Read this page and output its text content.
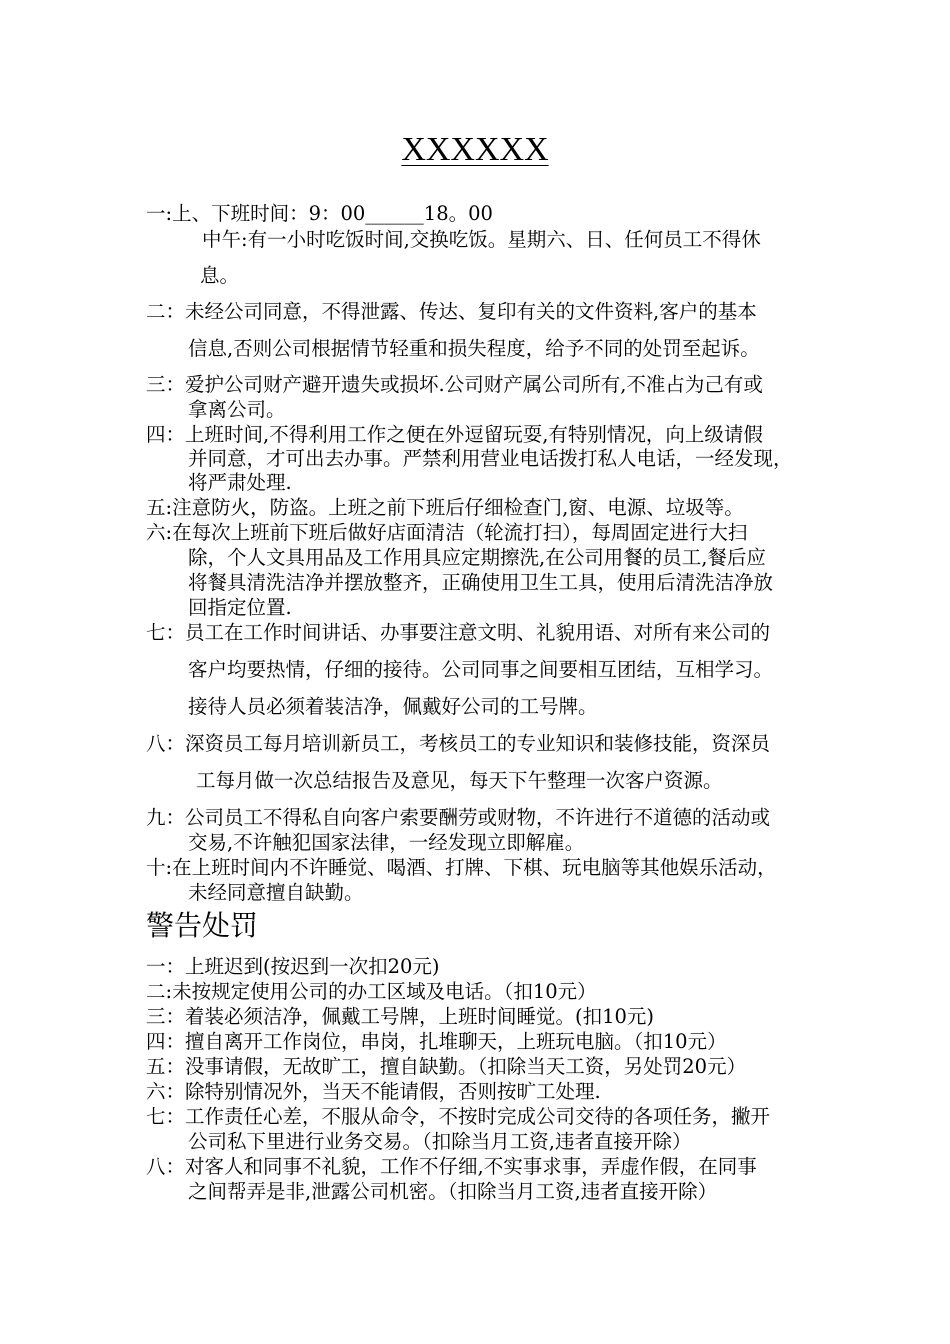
XXXXXX
一:上、下班时间：9：00______18。00
中午:有一小时吃饭时间,交换吃饭。星期六、日、任何员工不得休
息。
二：未经公司同意，不得泄露、传达、复印有关的文件资料,客户的基本
信息,否则公司根据情节轻重和损失程度，给予不同的处罚至起诉。
三：爱护公司财产避开遗失或损坏.公司财产属公司所有,不准占为己有或
拿离公司。
四：上班时间,不得利用工作之便在外逗留玩耍,有特别情况，向上级请假
并同意，才可出去办事。严禁利用营业电话拨打私人电话，一经发现，
将严肃处理.
五:注意防火，防盗。上班之前下班后仔细检查门,窗、电源、垃圾等。
六:在每次上班前下班后做好店面清洁（轮流打扫），每周固定进行大扫
除，个人文具用品及工作用具应定期擦洗,在公司用餐的员工,餐后应
将餐具清洗洁净并摆放整齐，正确使用卫生工具，使用后清洗洁净放
回指定位置.
七：员工在工作时间讲话、办事要注意文明、礼貌用语、对所有来公司的
客户均要热情，仔细的接待。公司同事之间要相互团结，互相学习。
接待人员必须着装洁净，佩戴好公司的工号牌。
八：深资员工每月培训新员工，考核员工的专业知识和装修技能，资深员
工每月做一次总结报告及意见，每天下午整理一次客户资源。
九：公司员工不得私自向客户索要酬劳或财物，不许进行不道德的活动或
交易,不许触犯国家法律，一经发现立即解雇。
十:在上班时间内不许睡觉、喝酒、打牌、下棋、玩电脑等其他娱乐活动，
未经同意擅自缺勤。
警告处罚
一：上班迟到(按迟到一次扣20元)
二:未按规定使用公司的办工区域及电话。（扣10元）
三：着装必须洁净，佩戴工号牌，上班时间睡觉。(扣10元)
四：擅自离开工作岗位，串岗，扎堆聊天，上班玩电脑。（扣10元）
五：没事请假，无故旷工，擅自缺勤。（扣除当天工资，另处罚20元）
六：除特别情况外，当天不能请假，否则按旷工处理.
七：工作责任心差，不服从命令，不按时完成公司交待的各项任务，撇开
公司私下里进行业务交易。（扣除当月工资,违者直接开除）
八：对客人和同事不礼貌，工作不仔细,不实事求事，弄虚作假，在同事
之间帮弄是非,泄露公司机密。（扣除当月工资,违者直接开除）
